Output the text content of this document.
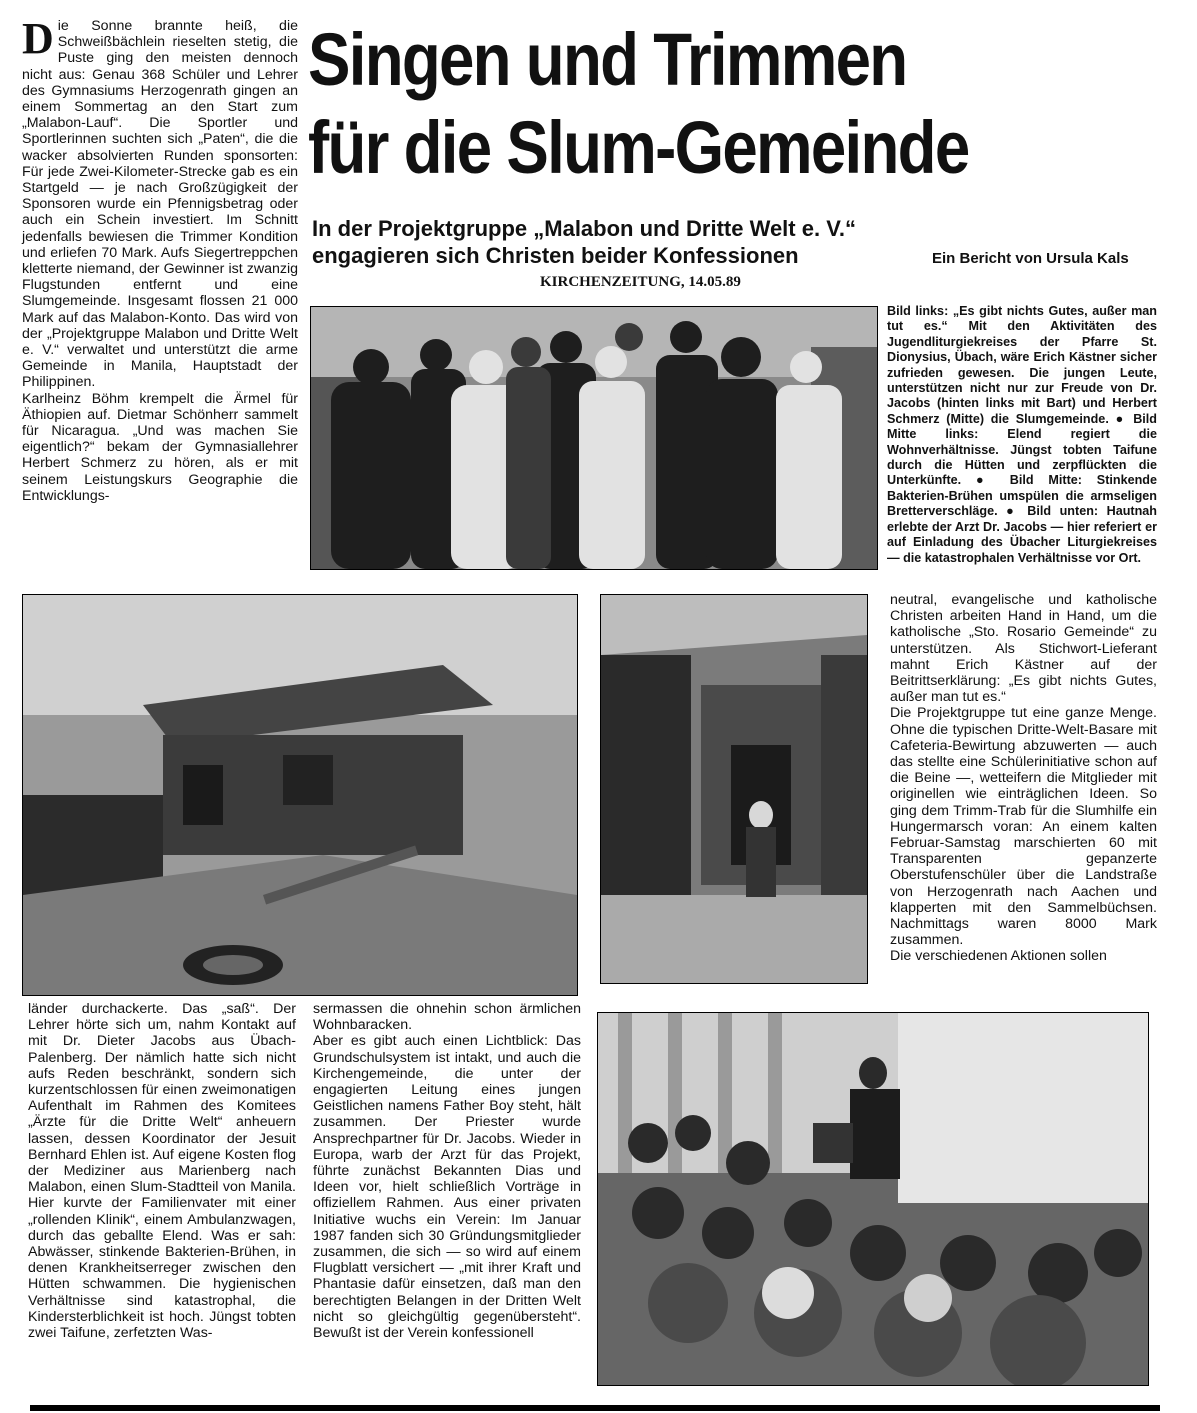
Die Sonne brannte heiß, die Schweißbächlein rieselten stetig, die Puste ging den meisten dennoch nicht aus: Genau 368 Schüler und Lehrer des Gymnasiums Herzogenrath gingen an einem Sommertag an den Start zum „Malabon-Lauf“. Die Sportler und Sportlerinnen suchten sich „Paten“, die die wacker absolvierten Runden sponsorten: Für jede Zwei-Kilometer-Strecke gab es ein Startgeld — je nach Großzügigkeit der Sponsoren wurde ein Pfennigsbetrag oder auch ein Schein investiert. Im Schnitt jedenfalls bewiesen die Trimmer Kondition und erliefen 70 Mark. Aufs Siegertreppchen kletterte niemand, der Gewinner ist zwanzig Flugstunden entfernt und eine Slumgemeinde. Insgesamt flossen 21 000 Mark auf das Malabon-Konto. Das wird von der „Projektgruppe Malabon und Dritte Welt e. V.“ verwaltet und unterstützt die arme Gemeinde in Manila, Hauptstadt der Philippinen.

Karlheinz Böhm krempelt die Ärmel für Äthiopien auf. Dietmar Schönherr sammelt für Nicaragua. „Und was machen Sie eigentlich?“ bekam der Gymnasiallehrer Herbert Schmerz zu hören, als er mit seinem Leistungskurs Geographie die Entwicklungs-

Singen und Trimmen
für die Slum-Gemeinde
In der Projektgruppe „Malabon und Dritte Welt e. V.“
engagieren sich Christen beider Konfessionen	Ein Bericht von Ursula Kals
KIRCHENZEITUNG, 14.05.89
Bild links: „Es gibt nichts Gutes, außer man tut es.“ Mit den Aktivitäten des Jugendliturgiekreises der Pfarre St. Dionysius, Übach, wäre Erich Kästner sicher zufrieden gewesen. Die jungen Leute, unterstützen nicht nur zur Freude von Dr. Jacobs (hinten links mit Bart) und Herbert Schmerz (Mitte) die Slumgemeinde. ● Bild Mitte links: Elend regiert die Wohnverhältnisse. Jüngst tobten Taifune durch die Hütten und zerpflückten die Unterkünfte. ● Bild Mitte: Stinkende Bakterien-Brühen umspülen die armseligen Bretterverschläge. ● Bild unten: Hautnah erlebte der Arzt Dr. Jacobs — hier referiert er auf Einladung des Übacher Liturgiekreises — die katastrophalen Verhältnisse vor Ort.

neutral, evangelische und katholische Christen arbeiten Hand in Hand, um die katholische „Sto. Rosario Gemeinde“ zu unterstützen. Als Stichwort-Lieferant mahnt Erich Kästner auf der Beitrittserklärung: „Es gibt nichts Gutes, außer man tut es.“

Die Projektgruppe tut eine ganze Menge. Ohne die typischen Dritte-Welt-Basare mit Cafeteria-Bewirtung abzuwerten — auch das stellte eine Schülerinitiative schon auf die Beine —, wetteifern die Mitglieder mit originellen wie einträglichen Ideen. So ging dem Trimm-Trab für die Slumhilfe ein Hungermarsch voran: An einem kalten Februar-Samstag marschierten 60 mit Transparenten gepanzerte Oberstufenschüler über die Landstraße von Herzogenrath nach Aachen und klapperten mit den Sammelbüchsen. Nachmittags waren 8000 Mark zusammen.

Die verschiedenen Aktionen sollen

länder durchackerte. Das „saß“. Der Lehrer hörte sich um, nahm Kontakt auf mit Dr. Dieter Jacobs aus Übach-Palenberg. Der nämlich hatte sich nicht aufs Reden beschränkt, sondern sich kurzentschlossen für einen zweimonatigen Aufenthalt im Rahmen des Komitees „Ärzte für die Dritte Welt“ anheuern lassen, dessen Koordinator der Jesuit Bernhard Ehlen ist. Auf eigene Kosten flog der Mediziner aus Marienberg nach Malabon, einen Slum-Stadtteil von Manila. Hier kurvte der Familienvater mit einer „rollenden Klinik“, einem Ambulanzwagen, durch das geballte Elend. Was er sah: Abwässer, stinkende Bakterien-Brühen, in denen Krankheitserreger zwischen den Hütten schwammen. Die hygienischen Verhältnisse sind katastrophal, die Kindersterblichkeit ist hoch. Jüngst tobten zwei Taifune, zerfetzten Was-

sermassen die ohnehin schon ärmlichen Wohnbaracken.

Aber es gibt auch einen Lichtblick: Das Grundschulsystem ist intakt, und auch die Kirchengemeinde, die unter der engagierten Leitung eines jungen Geistlichen namens Father Boy steht, hält zusammen. Der Priester wurde Ansprechpartner für Dr. Jacobs. Wieder in Europa, warb der Arzt für das Projekt, führte zunächst Bekannten Dias und Ideen vor, hielt schließlich Vorträge in offiziellem Rahmen. Aus einer privaten Initiative wuchs ein Verein: Im Januar 1987 fanden sich 30 Gründungsmitglieder zusammen, die sich — so wird auf einem Flugblatt versichert — „mit ihrer Kraft und Phantasie dafür einsetzen, daß man den berechtigten Belangen in der Dritten Welt nicht so gleichgültig gegenübersteht“. Bewußt ist der Verein konfessionell
